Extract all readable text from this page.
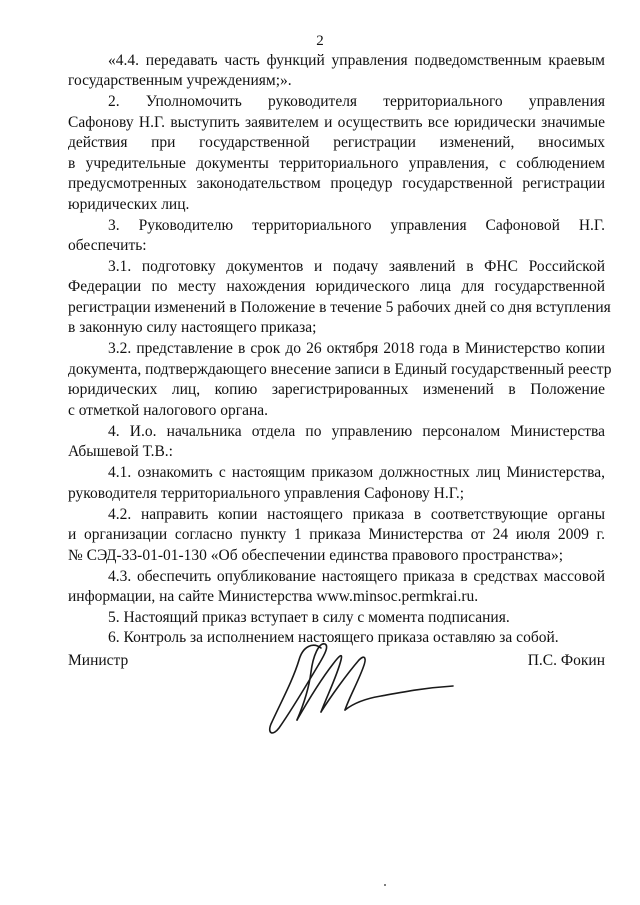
2
«4.4. передавать часть функций управления подведомственным краевым
государственным учреждениям;».
2. Уполномочить руководителя территориального управления
Сафонову Н.Г. выступить заявителем и осуществить все юридически значимые
действия при государственной регистрации изменений, вносимых
в учредительные документы территориального управления, с соблюдением
предусмотренных законодательством процедур государственной регистрации
юридических лиц.
3. Руководителю территориального управления Сафоновой Н.Г.
обеспечить:
3.1. подготовку документов и подачу заявлений в ФНС Российской
Федерации по месту нахождения юридического лица для государственной
регистрации изменений в Положение в течение 5 рабочих дней со дня вступления
в законную силу настоящего приказа;
3.2. представление в срок до 26 октября 2018 года в Министерство копии
документа, подтверждающего внесение записи в Единый государственный реестр
юридических лиц, копию зарегистрированных изменений в Положение
с отметкой налогового органа.
4. И.о. начальника отдела по управлению персоналом Министерства
Абышевой Т.В.:
4.1. ознакомить с настоящим приказом должностных лиц Министерства,
руководителя территориального управления Сафонову Н.Г.;
4.2. направить копии настоящего приказа в соответствующие органы
и организации согласно пункту 1 приказа Министерства от 24 июля 2009 г.
№ СЭД-33-01-01-130 «Об обеспечении единства правового пространства»;
4.3. обеспечить опубликование настоящего приказа в средствах массовой
информации, на сайте Министерства www.minsoc.permkrai.ru.
5. Настоящий приказ вступает в силу с момента подписания.
6. Контроль за исполнением настоящего приказа оставляю за собой.
Министр	П.С. Фокин
